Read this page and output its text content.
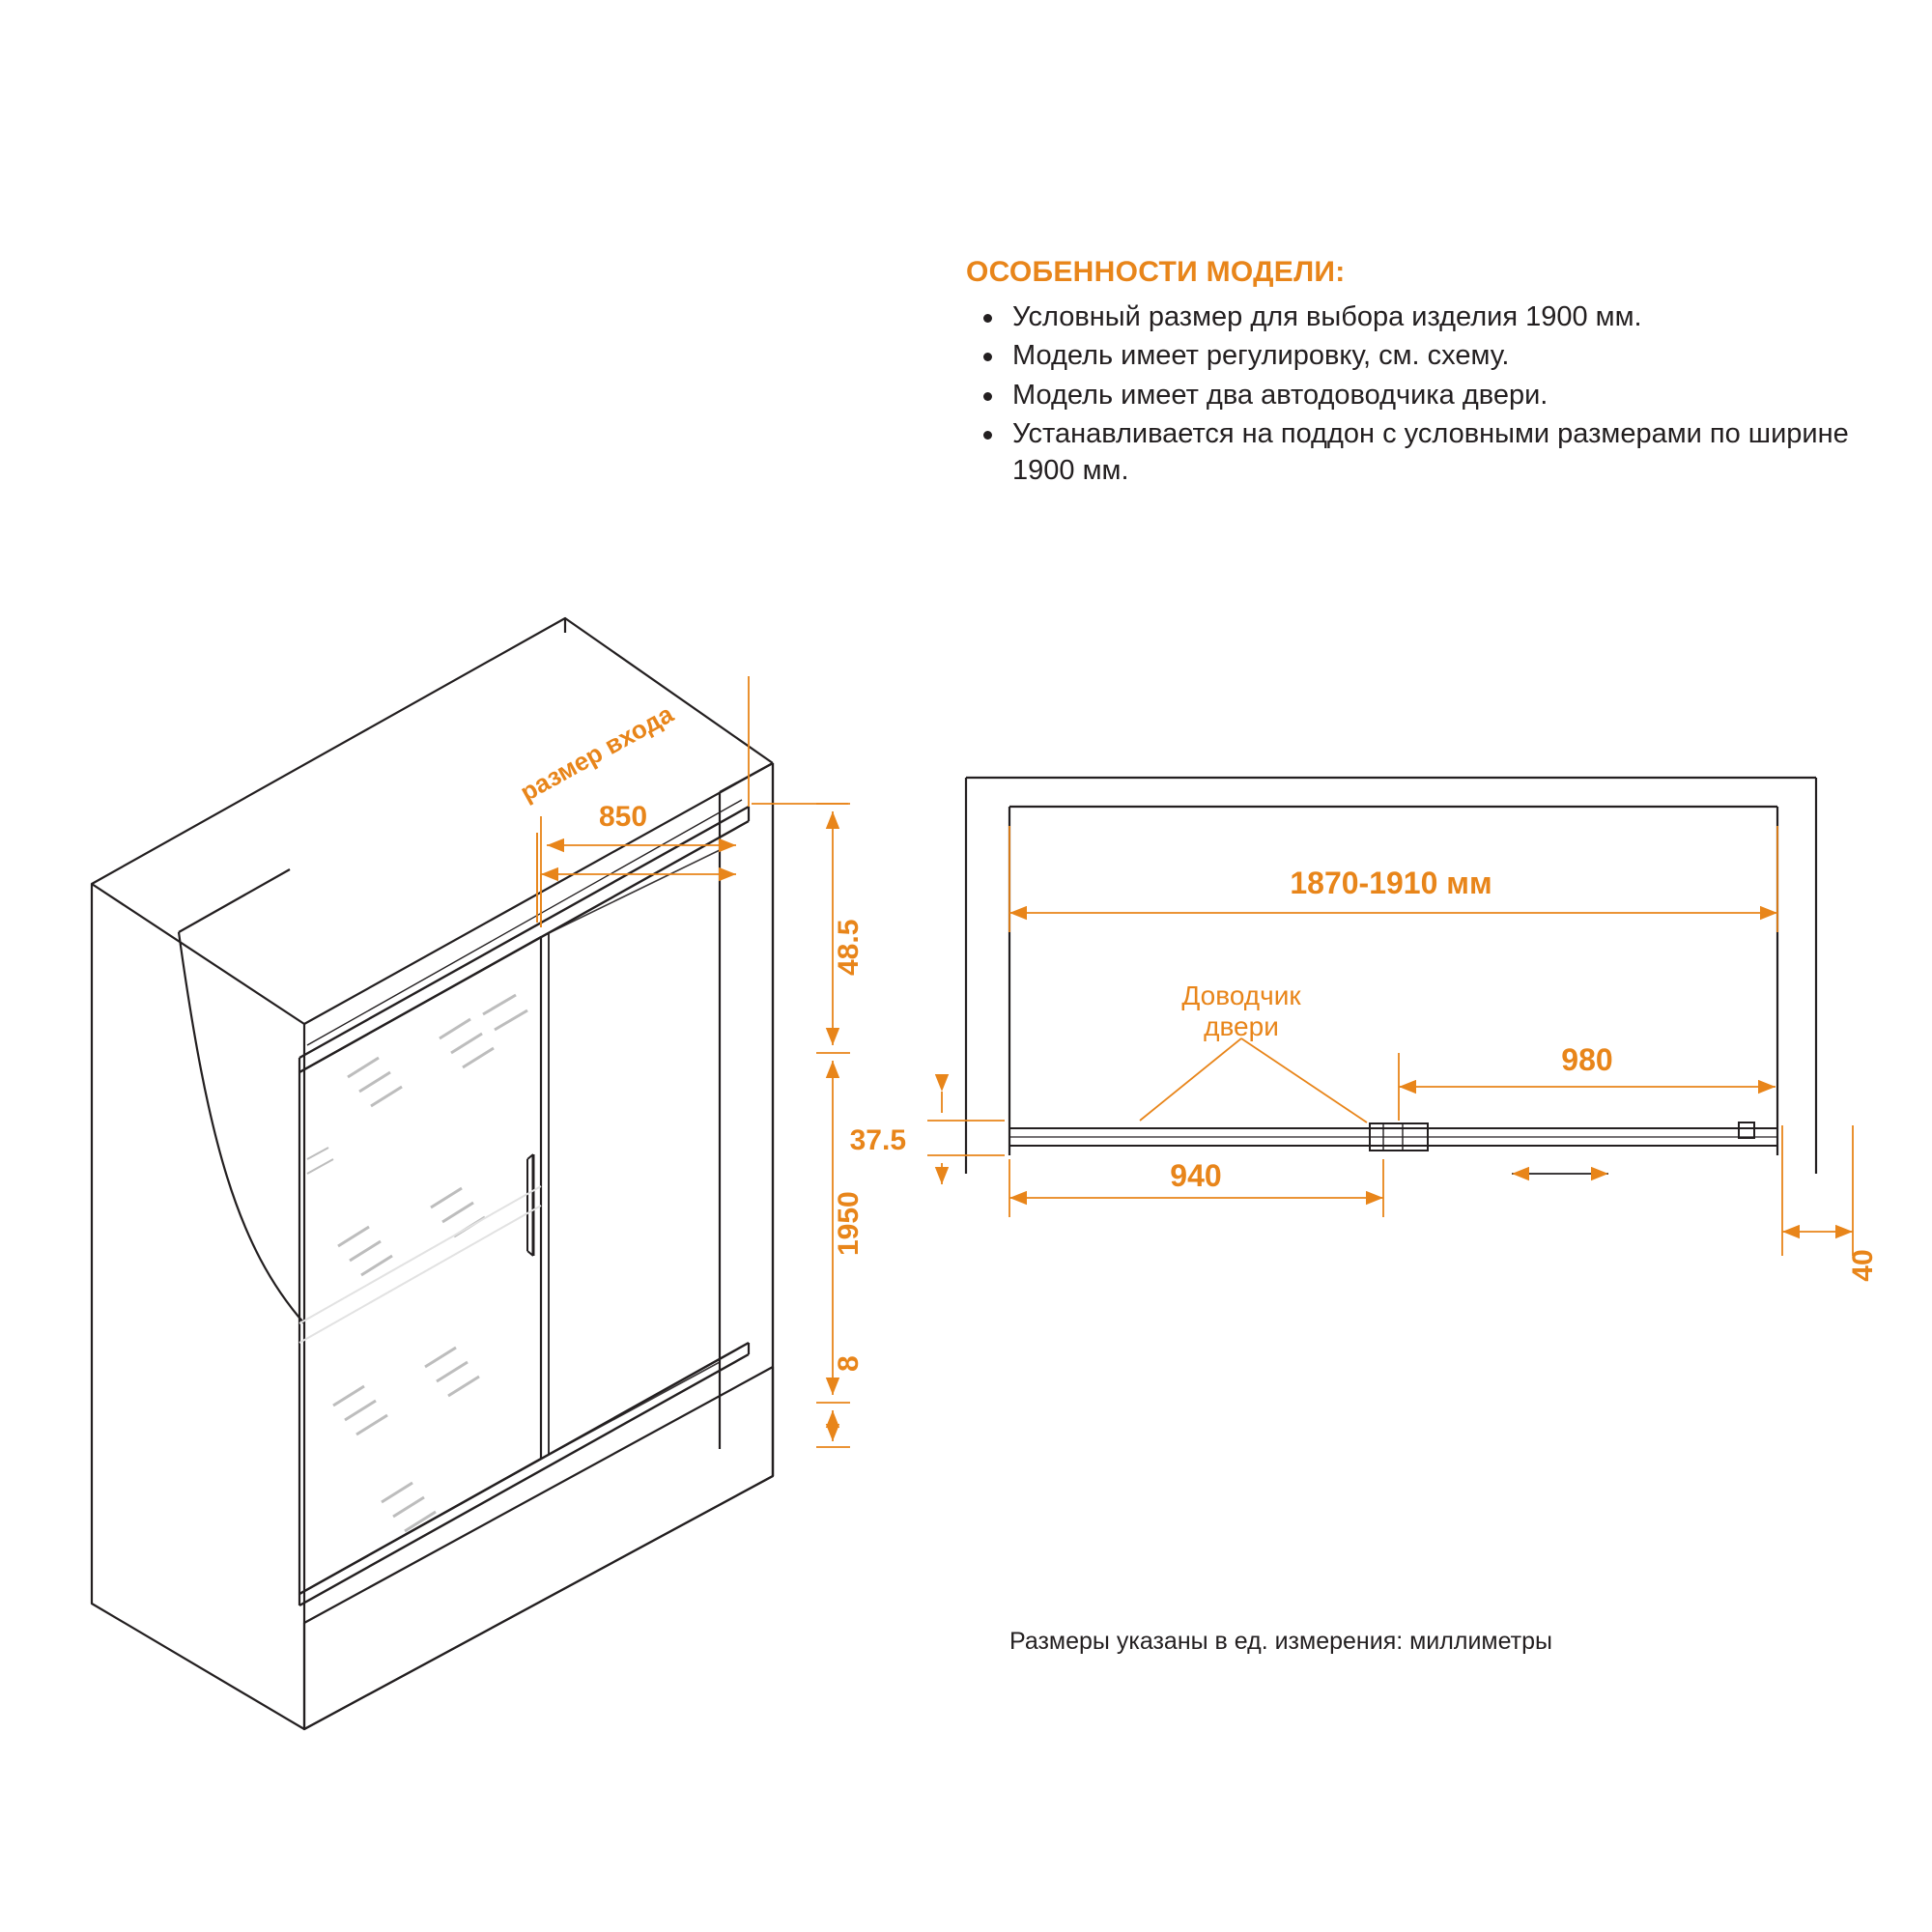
ОСОБЕННОСТИ МОДЕЛИ:
Условный размер для выбора изделия 1900 мм.
Модель имеет регулировку, см. схему.
Модель имеет два автодоводчика двери.
Устанавливается на поддон с условными размерами по ширине 1900 мм.
размер входа
850
48.5
1950
8
1870-1910 мм
Доводчик
двери
980
940
37.5
40
Размеры указаны в ед. измерения: миллиметры
